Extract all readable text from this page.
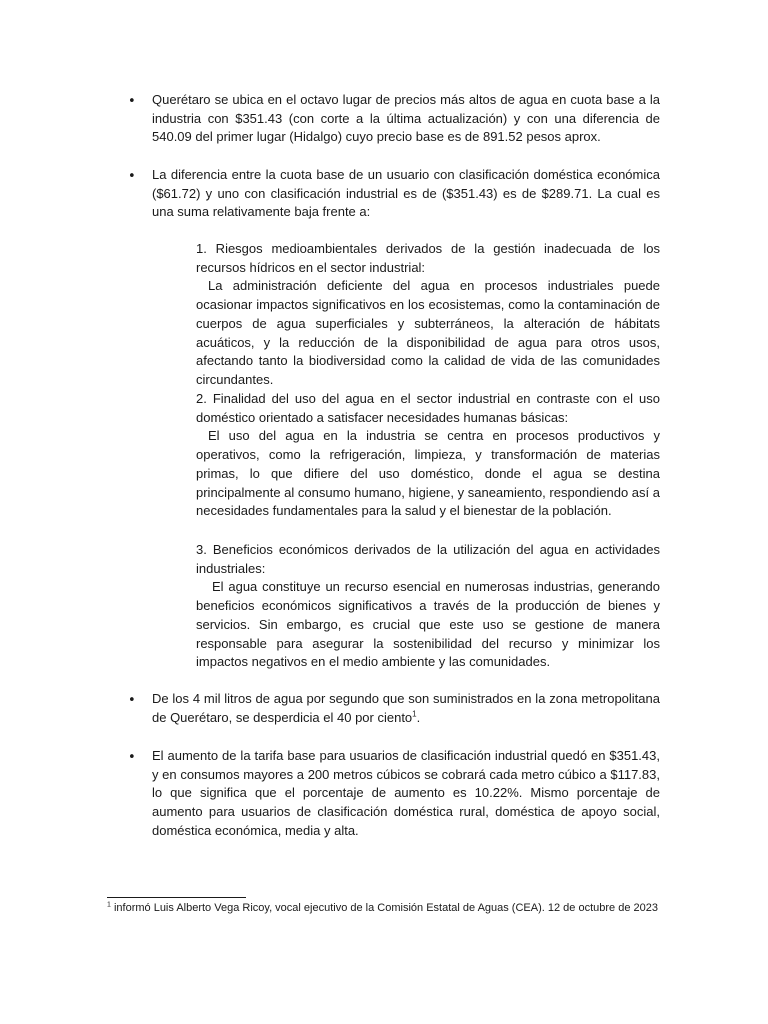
• Querétaro se ubica en el octavo lugar de precios más altos de agua en cuota base a la industria con $351.43 (con corte a la última actualización) y con una diferencia de 540.09 del primer lugar (Hidalgo) cuyo precio base es de 891.52 pesos aprox.
• La diferencia entre la cuota base de un usuario con clasificación doméstica económica ($61.72) y uno con clasificación industrial es de ($351.43) es de $289.71. La cual es una suma relativamente baja frente a:
1. Riesgos medioambientales derivados de la gestión inadecuada de los recursos hídricos en el sector industrial:
La administración deficiente del agua en procesos industriales puede ocasionar impactos significativos en los ecosistemas, como la contaminación de cuerpos de agua superficiales y subterráneos, la alteración de hábitats acuáticos, y la reducción de la disponibilidad de agua para otros usos, afectando tanto la biodiversidad como la calidad de vida de las comunidades circundantes.
2. Finalidad del uso del agua en el sector industrial en contraste con el uso doméstico orientado a satisfacer necesidades humanas básicas:
El uso del agua en la industria se centra en procesos productivos y operativos, como la refrigeración, limpieza, y transformación de materias primas, lo que difiere del uso doméstico, donde el agua se destina principalmente al consumo humano, higiene, y saneamiento, respondiendo así a necesidades fundamentales para la salud y el bienestar de la población.
3. Beneficios económicos derivados de la utilización del agua en actividades industriales:
El agua constituye un recurso esencial en numerosas industrias, generando beneficios económicos significativos a través de la producción de bienes y servicios. Sin embargo, es crucial que este uso se gestione de manera responsable para asegurar la sostenibilidad del recurso y minimizar los impactos negativos en el medio ambiente y las comunidades.
• De los 4 mil litros de agua por segundo que son suministrados en la zona metropolitana de Querétaro, se desperdicia el 40 por ciento$^1$.
• El aumento de la tarifa base para usuarios de clasificación industrial quedó en $351.43, y en consumos mayores a 200 metros cúbicos se cobrará cada metro cúbico a $117.83, lo que significa que el porcentaje de aumento es 10.22%. Mismo porcentaje de aumento para usuarios de clasificación doméstica rural, doméstica de apoyo social, doméstica económica, media y alta.
$^1$ informó Luis Alberto Vega Ricoy, vocal ejecutivo de la Comisión Estatal de Aguas (CEA). 12 de octubre de 2023
